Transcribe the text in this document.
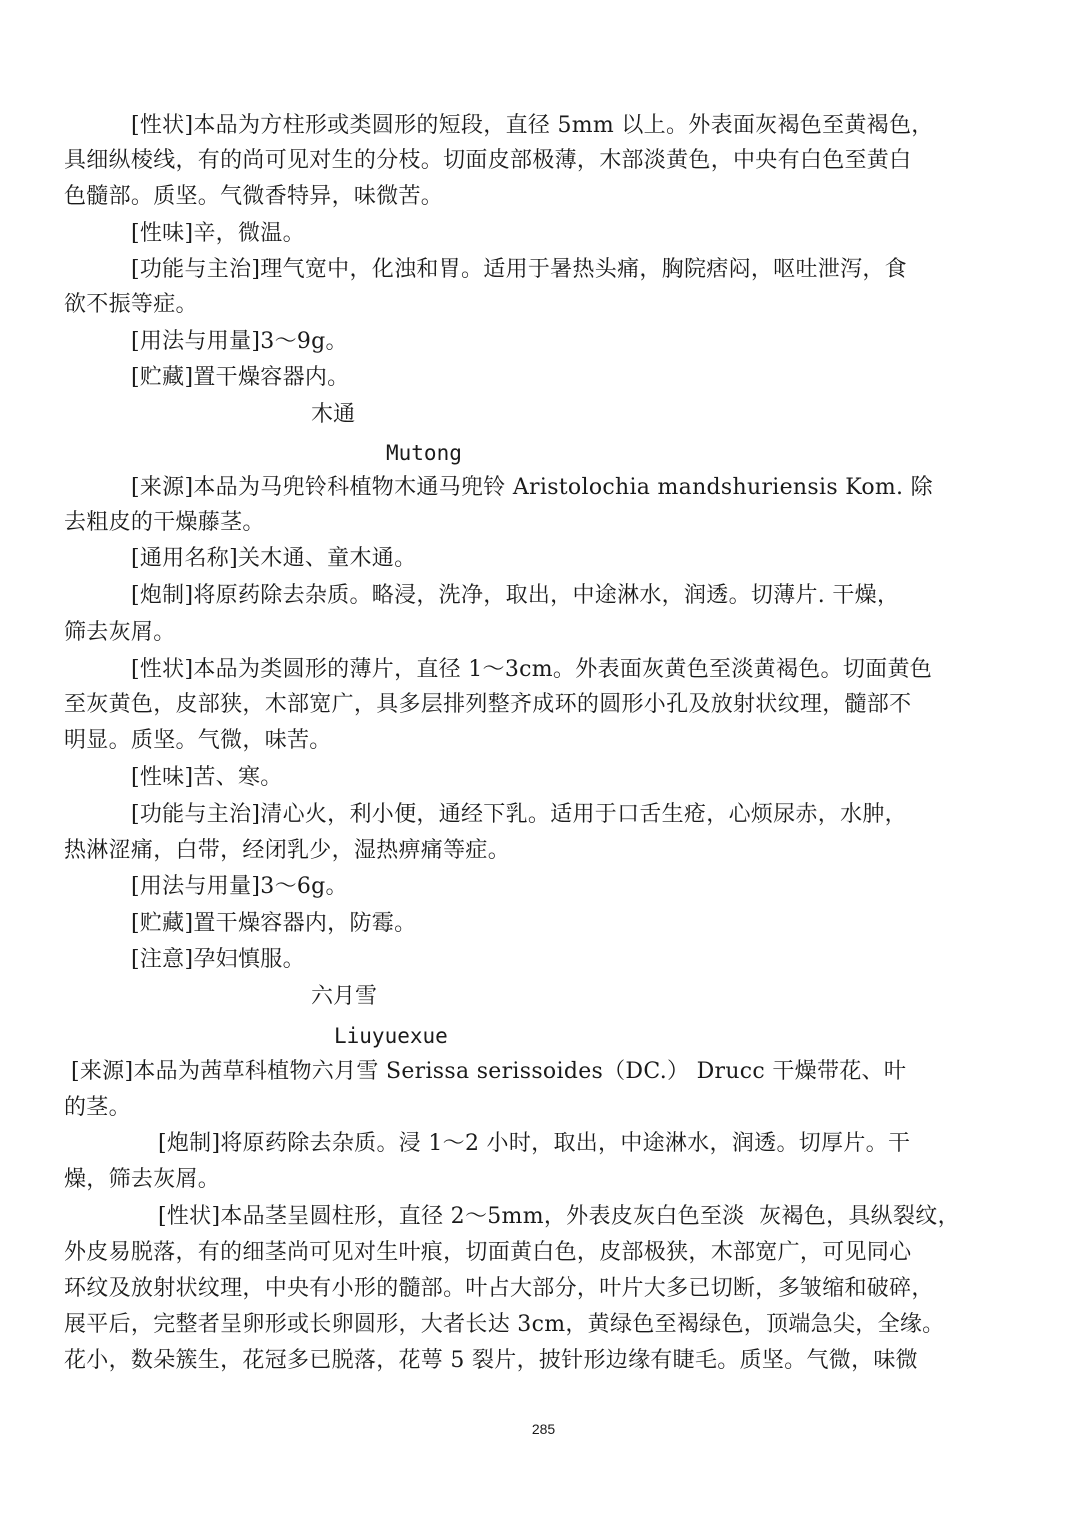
[性状]本品为方柱形或类圆形的短段，直径 5mm 以上。外表面灰褐色至黄褐色，
具细纵棱线，有的尚可见对生的分枝。切面皮部极薄，木部淡黄色，中央有白色至黄白
色髓部。质坚。气微香特异，味微苦。
[性味]辛，微温。
[功能与主治]理气宽中，化浊和胃。适用于暑热头痛，胸院痞闷，呕吐泄泻，食
欲不振等症。
[用法与用量]3～9g。
[贮藏]置干燥容器内。
木通
Mutong
[来源]本品为马兜铃科植物木通马兜铃 Aristolochia mandshuriensis Kom. 除
去粗皮的干燥藤茎。
[通用名称]关木通、童木通。
[炮制]将原药除去杂质。略浸，洗净，取出，中途淋水，润透。切薄片. 干燥，
筛去灰屑。
[性状]本品为类圆形的薄片，直径 1～3cm。外表面灰黄色至淡黄褐色。切面黄色
至灰黄色，皮部狭，木部宽广，具多层排列整齐成环的圆形小孔及放射状纹理，髓部不
明显。质坚。气微，味苦。
[性味]苦、寒。
[功能与主治]清心火，利小便，通经下乳。适用于口舌生疮，心烦尿赤，水肿，
热淋涩痛，白带，经闭乳少，湿热痹痛等症。
[用法与用量]3～6g。
[贮藏]置干燥容器内，防霉。
[注意]孕妇慎服。
六月雪
Liuyuexue
[来源]本品为茜草科植物六月雪 Serissa serissoides（DC.） Drucc 干燥带花、叶
的茎。
[炮制]将原药除去杂质。浸 1～2 小时，取出，中途淋水，润透。切厚片。干
燥，筛去灰屑。
[性状]本品茎呈圆柱形，直径 2～5mm，外表皮灰白色至淡  灰褐色，具纵裂纹，
外皮易脱落，有的细茎尚可见对生叶痕，切面黄白色，皮部极狭，木部宽广，可见同心
环纹及放射状纹理，中央有小形的髓部。叶占大部分，叶片大多已切断，多皱缩和破碎，
展平后，完整者呈卵形或长卵圆形，大者长达 3cm，黄绿色至褐绿色，顶端急尖，全缘。
花小，数朵簇生，花冠多已脱落，花萼 5 裂片，披针形边缘有睫毛。质坚。气微，味微
285
